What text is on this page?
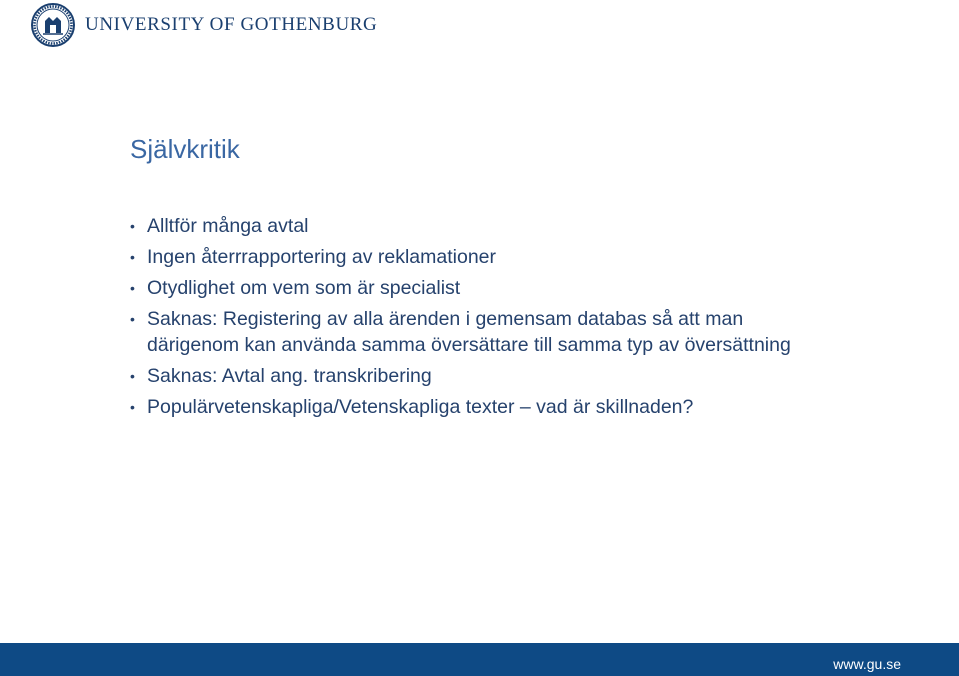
UNIVERSITY OF GOTHENBURG
Självkritik
• Alltför många avtal
• Ingen återrrapportering av reklamationer
• Otydlighet om vem som är specialist
• Saknas: Registering av alla ärenden i gemensam databas så att man därigenom kan använda samma översättare till samma typ av översättning
• Saknas: Avtal ang. transkribering
• Populärvetenskapliga/Vetenskapliga texter – vad är skillnaden?
www.gu.se
